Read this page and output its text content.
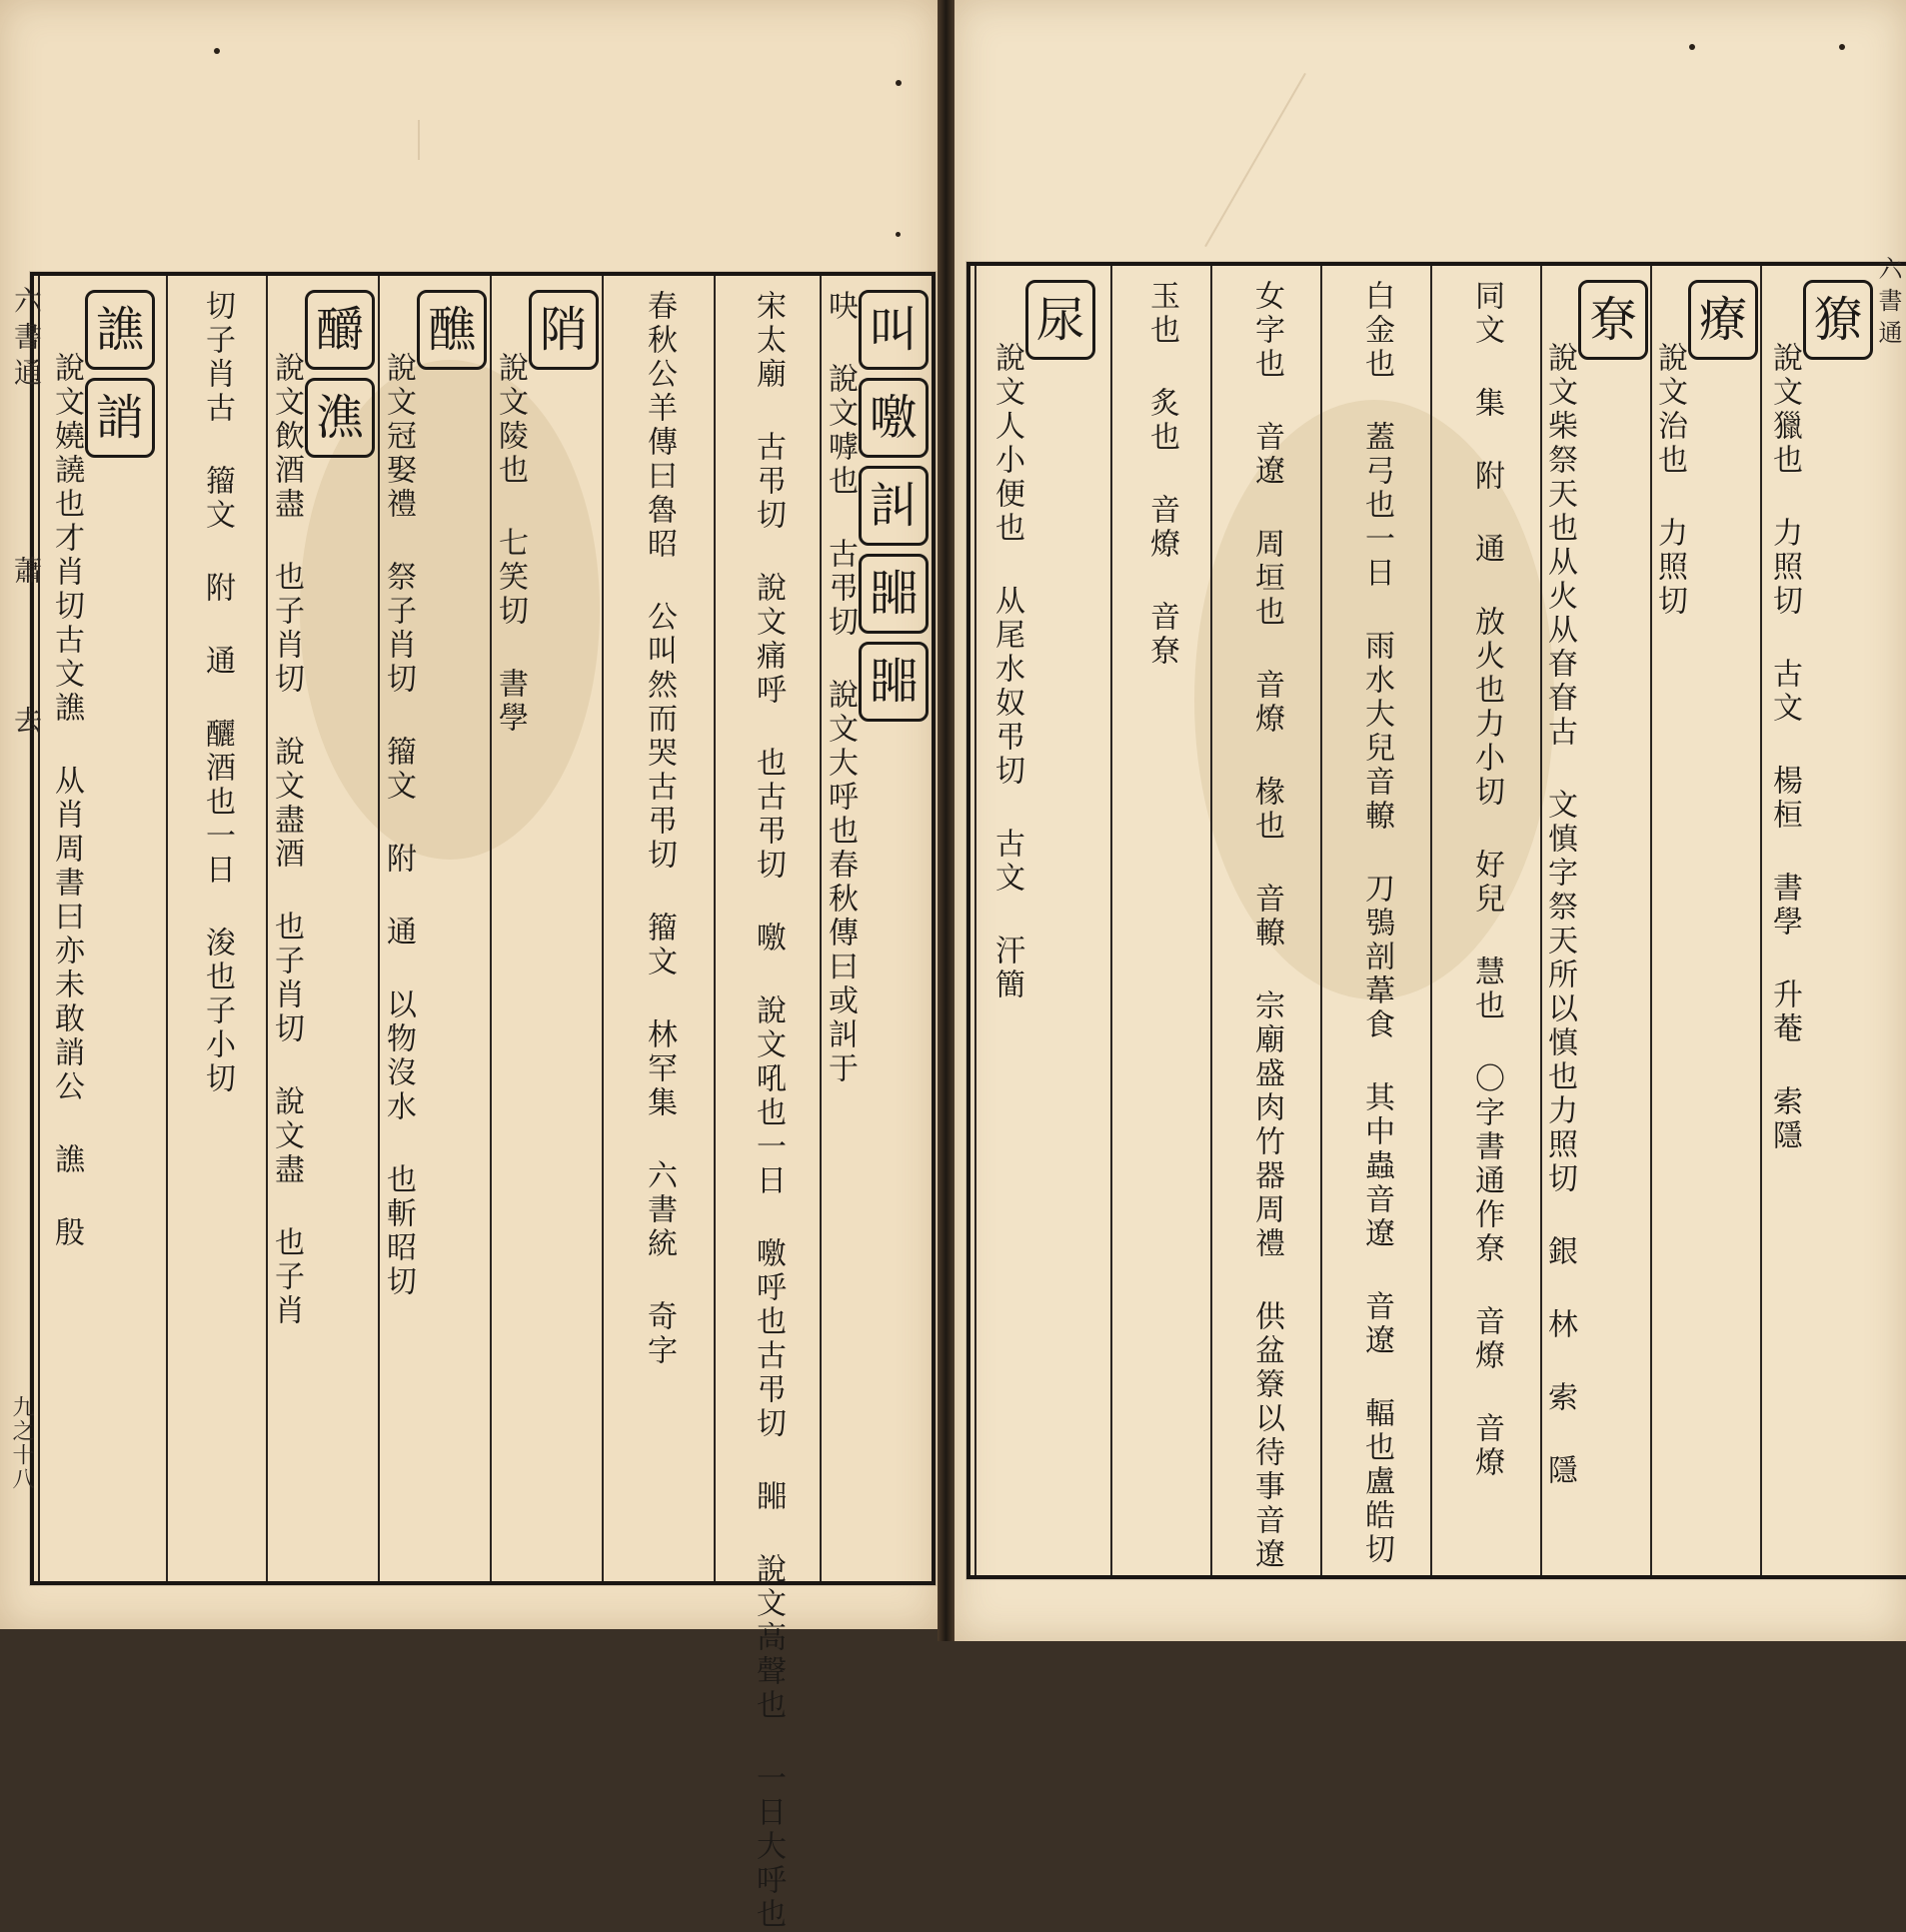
六書通
蕭
去
九之十八
叫
噭
訆
嘂
嘂
吷 說文嘑也 古弔切 說文大呼也春秋傳曰或訆于
宋太廟 古弔切 說文痛呼 也古弔切 噭 說文吼也一日 噭呼也古弔切 嘂 說文高聲也 一日大呼也
春秋公羊傳曰魯昭 公叫然而哭古弔切 籀文 林罕集 六書統 奇字
陗
說文陵也 七笑切 書學
醮
說文冠娶禮 祭子肖切 籀文 附 通 以物沒水 也斬昭切
釂
潐
說文飲酒盡 也子肖切 說文盡酒 也子肖切 說文盡 也子肖
切子肖古 籀文 附 通 釃酒也一日 浚也子小切
譙
誚
說文嬈譊也才肖切古文譙 从肖周書曰亦未敢誚公 譙 殷
六書通
獠
說文獵也 力照切 古文 楊桓 書學 升菴 索隱
療
說文治也 力照切
尞
說文柴祭天也从火从眘眘古 文慎字祭天所以慎也力照切 銀 林 索 隱
同文 集 附 通 放火也力小切 好兒 慧也 〇字書通作尞 音燎 音燎
白金也 蓋弓也一日 雨水大兒音轑 刀鴞剖葦食 其中蟲音遼 音遼 輻也盧皓切
女字也 音遼 周垣也 音燎 椽也 音轑 宗廟盛肉竹器周禮 供盆簝以待事音遼
玉也 炙也 音燎 音尞
尿
說文人小便也 从尾水奴弔切 古文 汗簡
